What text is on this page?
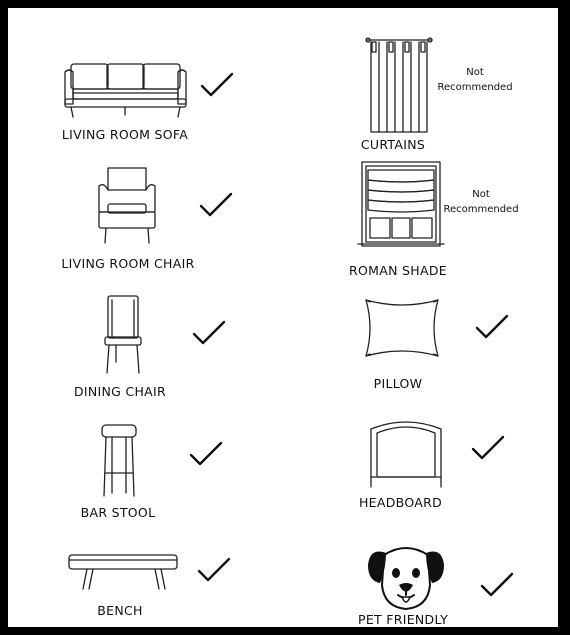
LIVING ROOM SOFA
LIVING ROOM CHAIR
DINING CHAIR
BAR STOOL
BENCH
Not
Recommended
CURTAINS
Not
Recommended
ROMAN SHADE
PILLOW
HEADBOARD
PET FRIENDLY
